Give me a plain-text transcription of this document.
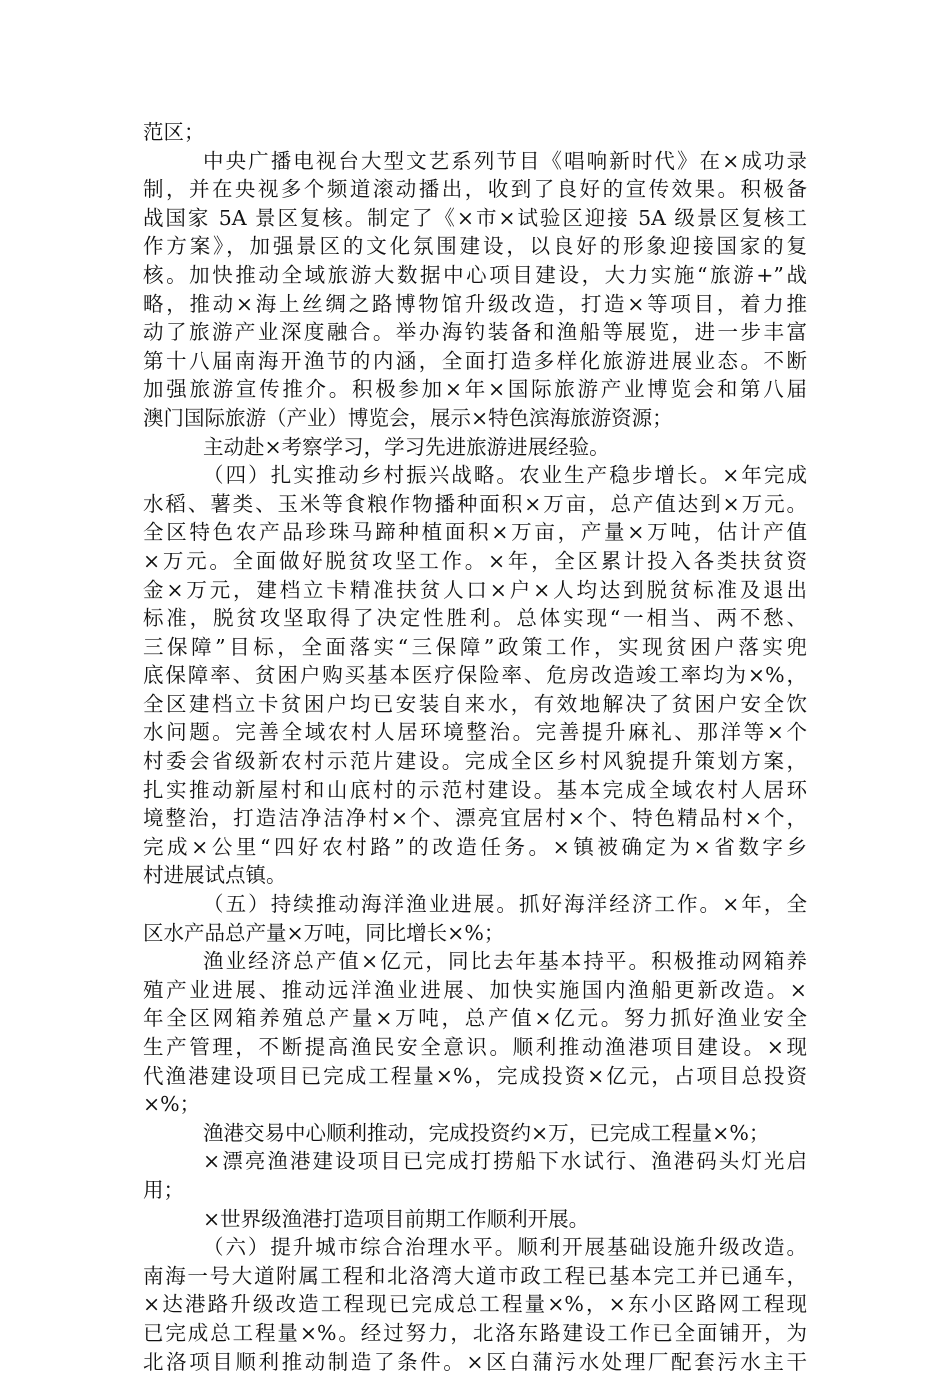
范区；
中央广播电视台大型文艺系列节目《唱响新时代》在×成功录
制，并在央视多个频道滚动播出，收到了良好的宣传效果。积极备
战国家 5A 景区复核。制定了《×市×试验区迎接 5A 级景区复核工
作方案》，加强景区的文化氛围建设，以良好的形象迎接国家的复
核。加快推动全域旅游大数据中心项目建设，大力实施“旅游+”战
略，推动×海上丝绸之路博物馆升级改造，打造×等项目，着力推
动了旅游产业深度融合。举办海钓装备和渔船等展览，进一步丰富
第十八届南海开渔节的内涵，全面打造多样化旅游进展业态。不断
加强旅游宣传推介。积极参加×年×国际旅游产业博览会和第八届
澳门国际旅游（产业）博览会，展示×特色滨海旅游资源；
主动赴×考察学习，学习先进旅游进展经验。
（四）扎实推动乡村振兴战略。农业生产稳步增长。×年完成
水稻、薯类、玉米等食粮作物播种面积×万亩，总产值达到×万元。
全区特色农产品珍珠马蹄种植面积×万亩，产量×万吨，估计产值
×万元。全面做好脱贫攻坚工作。×年，全区累计投入各类扶贫资
金×万元，建档立卡精准扶贫人口×户×人均达到脱贫标准及退出
标准，脱贫攻坚取得了决定性胜利。总体实现“一相当、两不愁、
三保障”目标，全面落实“三保障”政策工作，实现贫困户落实兜
底保障率、贫困户购买基本医疗保险率、危房改造竣工率均为×%，
全区建档立卡贫困户均已安装自来水，有效地解决了贫困户安全饮
水问题。完善全域农村人居环境整治。完善提升麻礼、那洋等×个
村委会省级新农村示范片建设。完成全区乡村风貌提升策划方案，
扎实推动新屋村和山底村的示范村建设。基本完成全域农村人居环
境整治，打造洁净洁净村×个、漂亮宜居村×个、特色精品村×个，
完成×公里“四好农村路”的改造任务。×镇被确定为×省数字乡
村进展试点镇。
（五）持续推动海洋渔业进展。抓好海洋经济工作。×年，全
区水产品总产量×万吨，同比增长×%；
渔业经济总产值×亿元，同比去年基本持平。积极推动网箱养
殖产业进展、推动远洋渔业进展、加快实施国内渔船更新改造。×
年全区网箱养殖总产量×万吨，总产值×亿元。努力抓好渔业安全
生产管理，不断提高渔民安全意识。顺利推动渔港项目建设。×现
代渔港建设项目已完成工程量×%，完成投资×亿元，占项目总投资
×%；
渔港交易中心顺利推动，完成投资约×万，已完成工程量×%；
×漂亮渔港建设项目已完成打捞船下水试行、渔港码头灯光启
用；
×世界级渔港打造项目前期工作顺利开展。
（六）提升城市综合治理水平。顺利开展基础设施升级改造。
南海一号大道附属工程和北洛湾大道市政工程已基本完工并已通车，
×达港路升级改造工程现已完成总工程量×%，×东小区路网工程现
已完成总工程量×%。经过努力，北洛东路建设工作已全面铺开，为
北洛项目顺利推动制造了条件。×区白蒲污水处理厂配套污水主干
